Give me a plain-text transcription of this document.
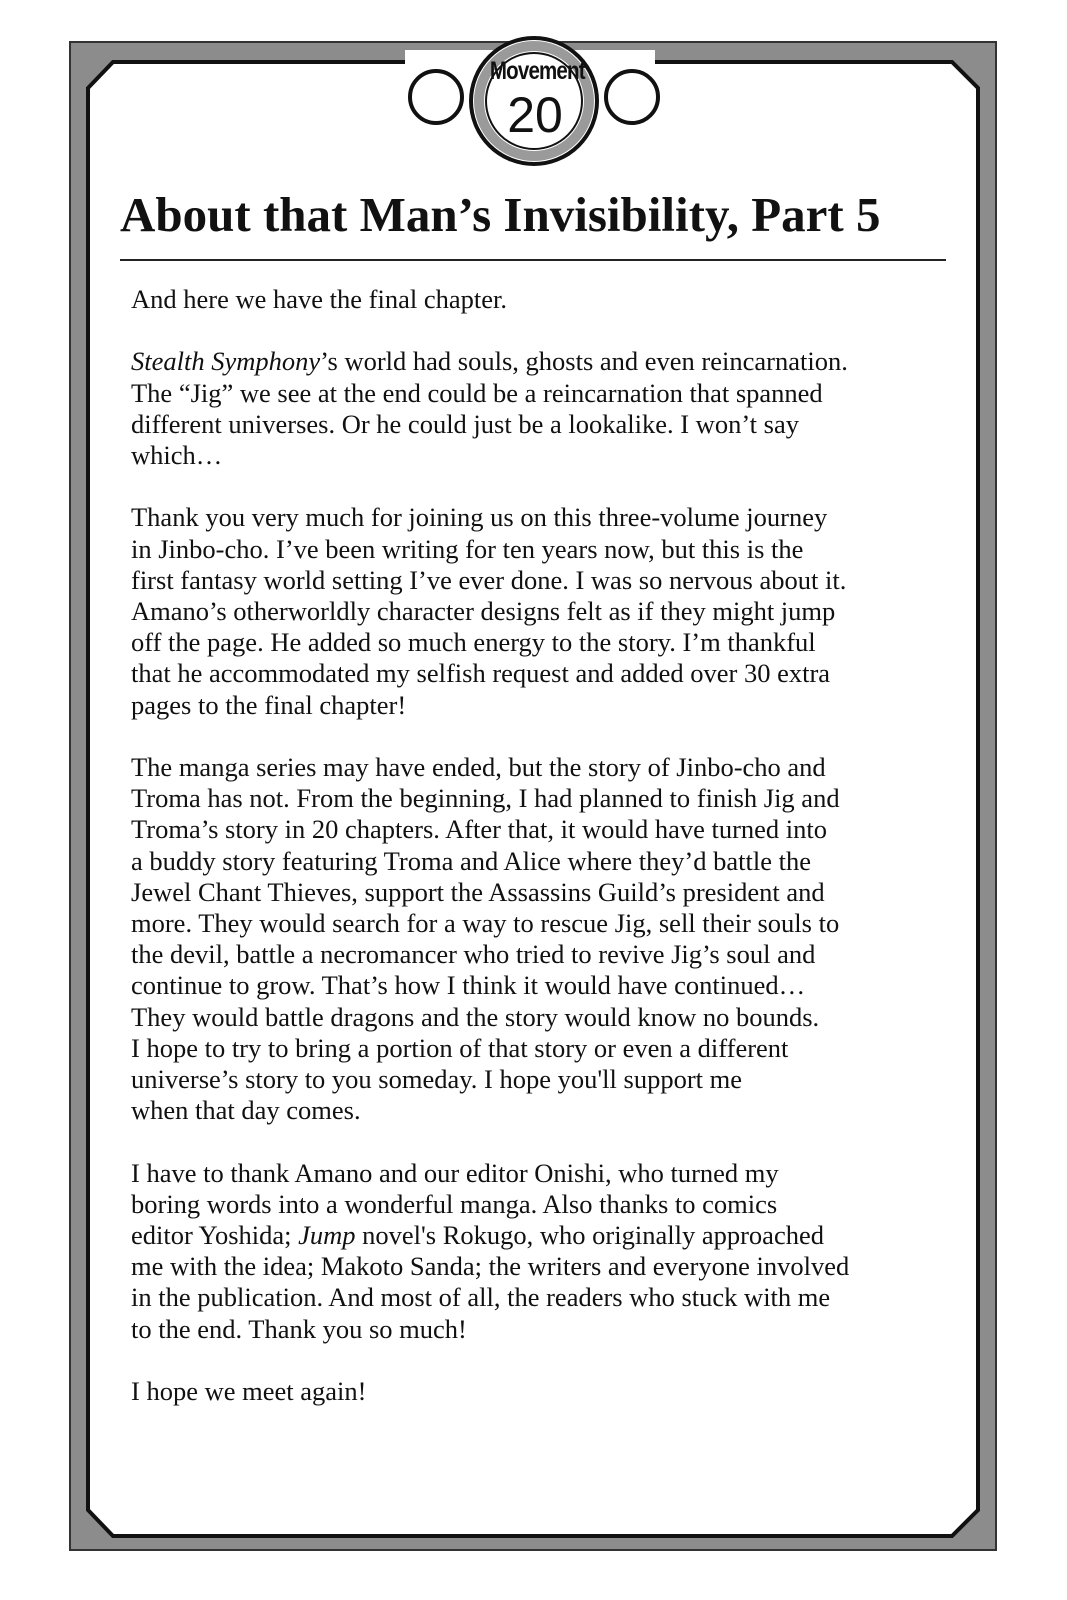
Movement
20
About that Man’s Invisibility, Part 5

And here we have the final chapter.

Stealth Symphony’s world had souls, ghosts and even reincarnation.
The “Jig” we see at the end could be a reincarnation that spanned
different universes. Or he could just be a lookalike. I won’t say
which…

Thank you very much for joining us on this three-volume journey
in Jinbo-cho. I’ve been writing for ten years now, but this is the
first fantasy world setting I’ve ever done. I was so nervous about it.
Amano’s otherworldly character designs felt as if they might jump
off the page. He added so much energy to the story. I’m thankful
that he accommodated my selfish request and added over 30 extra
pages to the final chapter!

The manga series may have ended, but the story of Jinbo-cho and
Troma has not. From the beginning, I had planned to finish Jig and
Troma’s story in 20 chapters. After that, it would have turned into
a buddy story featuring Troma and Alice where they’d battle the
Jewel Chant Thieves, support the Assassins Guild’s president and
more. They would search for a way to rescue Jig, sell their souls to
the devil, battle a necromancer who tried to revive Jig’s soul and
continue to grow. That’s how I think it would have continued…
They would battle dragons and the story would know no bounds.
I hope to try to bring a portion of that story or even a different
universe’s story to you someday. I hope you'll support me
when that day comes.

I have to thank Amano and our editor Onishi, who turned my
boring words into a wonderful manga. Also thanks to comics
editor Yoshida; Jump novel's Rokugo, who originally approached
me with the idea; Makoto Sanda; the writers and everyone involved
in the publication. And most of all, the readers who stuck with me
to the end. Thank you so much!

I hope we meet again!
